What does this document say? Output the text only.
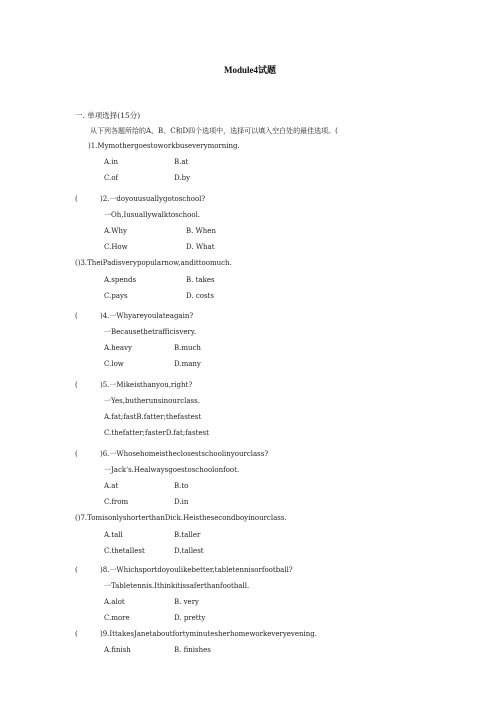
Module4试题
一. 单项选择(15分)
从下列各题所给的A、B、C和D四个选项中，选择可以填入空白处的最佳选项。(
)1.Mymothergoestoworkbuseverymorning.
A.in	B.at
C.of	D.by
(	)2.一doyouusuallygotoschool?
一Oh,Iusuallywalktoschool.
A.Why	B. When
C.How	D. What
()3.TheiPadisverypopularnow,andittoomuch.
A.spends	B. takes
C.pays	D. costs
(	)4.一Whyareyoulateagain?
一Becausethetrafficisvery.
A.heavy	B.much
C.low	D.many
(	)5.一Mikeisthanyou,right?
一Yes,butherunsinourclass.
A.fat;fastB.fatter;thefastest
C.thefatter;fasterD.fat;fastest
(	)6.一Whosehomeistheclosestschoolinyourclass?
一Jack's.Healwaysgoestoschoolonfoot.
A.at	B.to
C.from	D.in
()7.TomisonlyshorterthanDick.Heisthesecondboyinourclass.
A.tall	B.taller
C.thetallest	D.tallest
(	)8.一Whichsportdoyoulikebetter,tabletennisorfootball?
一Tabletennis.Ithinkitissaferthanfootball.
A.alot	B. very
C.more	D. pretty
(	)9.IttakesJanetaboutfortyminutesherhomeworkeveryevening.
A.finish	B. finishes
